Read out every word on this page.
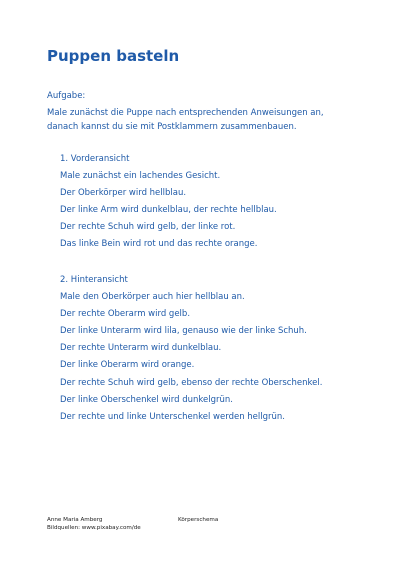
Puppen basteln
Aufgabe:
Male zunächst die Puppe nach entsprechenden Anweisungen an,
danach kannst du sie mit Postklammern zusammenbauen.
1. Vorderansicht
Male zunächst ein lachendes Gesicht.
Der Oberkörper wird hellblau.
Der linke Arm wird dunkelblau, der rechte hellblau.
Der rechte Schuh wird gelb, der linke rot.
Das linke Bein wird rot und das rechte orange.
2. Hinteransicht
Male den Oberkörper auch hier hellblau an.
Der rechte Oberarm wird gelb.
Der linke Unterarm wird lila, genauso wie der linke Schuh.
Der rechte Unterarm wird dunkelblau.
Der linke Oberarm wird orange.
Der rechte Schuh wird gelb, ebenso der rechte Oberschenkel.
Der linke Oberschenkel wird dunkelgrün.
Der rechte und linke Unterschenkel werden hellgrün.
Anne Maria Amberg
Bildquellen: www.pixabay.com/de
Körperschema
